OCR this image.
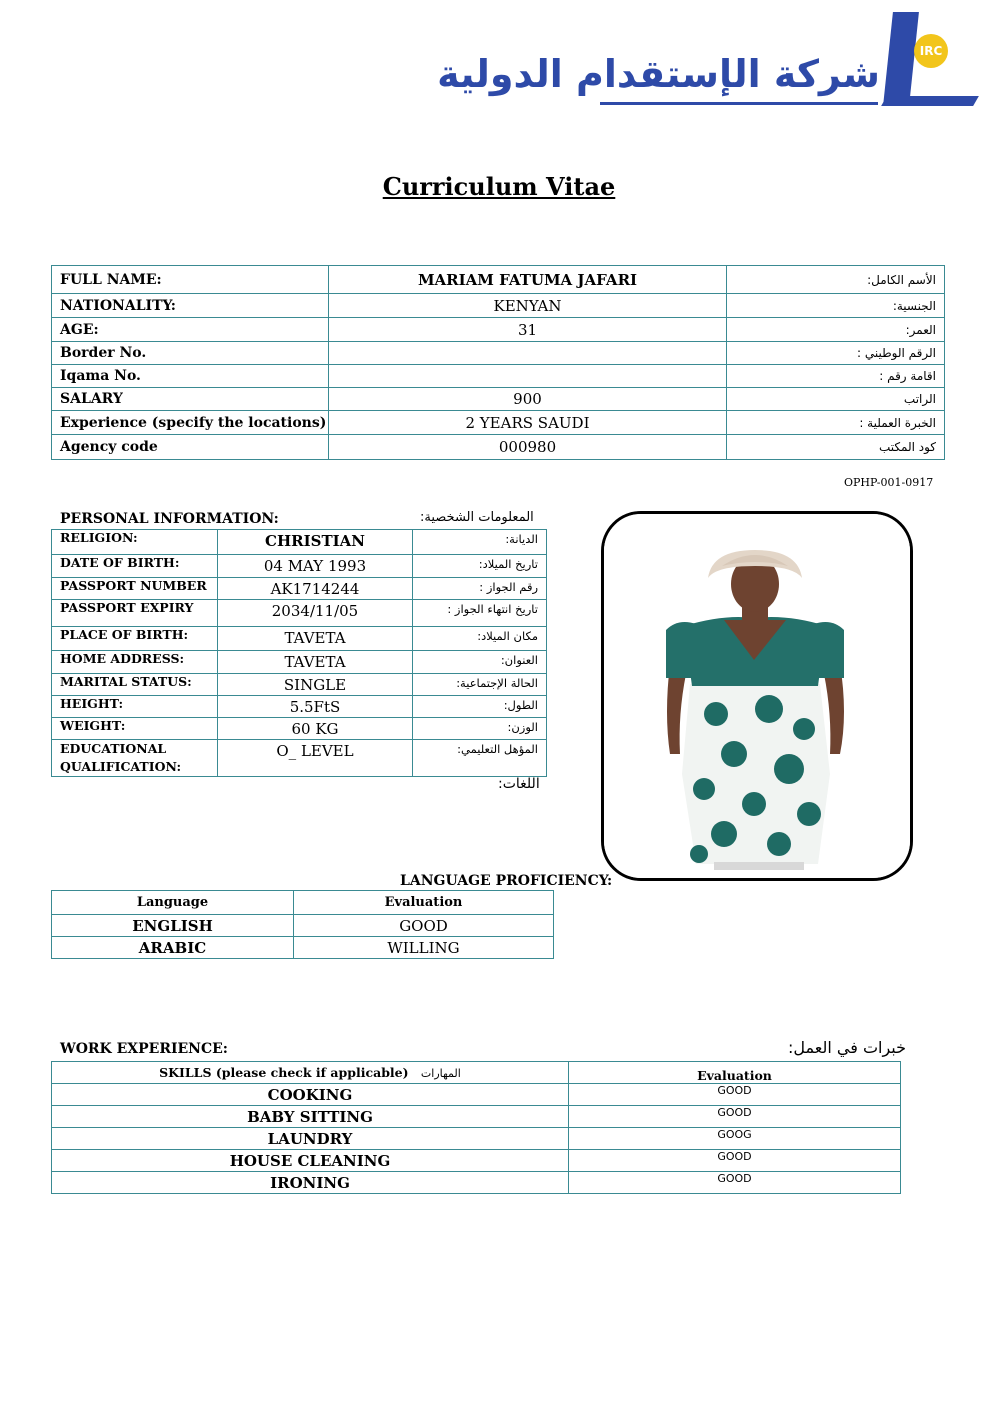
شركة الإستقدام الدولية
IRC
Curriculum Vitae
FULL NAME:	MARIAM FATUMA JAFARI	الأسم الكامل:
NATIONALITY:	KENYAN	الجنسية:
AGE:	31	العمر:
Border No.		الرقم الوطيني :
Iqama No.		اقامة رقم :
SALARY	900	الراتب
Experience (specify the locations)	2 YEARS SAUDI	الخبرة العملية :
Agency code	000980	كود المكتب
OPHP-001-0917
PERSONAL INFORMATION:	المعلومات الشخصية:
RELIGION:	CHRISTIAN	الديانة:
DATE OF BIRTH:	04 MAY 1993	تاريخ الميلاد:
PASSPORT NUMBER	AK1714244	رقم الجواز :
PASSPORT EXPIRY	2034/11/05	تاريخ انتهاء الجواز :
PLACE OF BIRTH:	TAVETA	مكان الميلاد:
HOME ADDRESS:	TAVETA	العنوان:
MARITAL STATUS:	SINGLE	الحالة الإجتماعية:
HEIGHT:	5.5FtS	الطول:
WEIGHT:	60 KG	الوزن:
EDUCATIONAL QUALIFICATION:	O_ LEVEL	المؤهل التعليمي:
اللغات:
LANGUAGE PROFICIENCY:
Language	Evaluation
ENGLISH	GOOD
ARABIC	WILLING
WORK EXPERIENCE:	خبرات في العمل:
SKILLS (please check if applicable) المهارات	Evaluation
COOKING	GOOD
BABY SITTING	GOOD
LAUNDRY	GOOG
HOUSE CLEANING	GOOD
IRONING	GOOD
